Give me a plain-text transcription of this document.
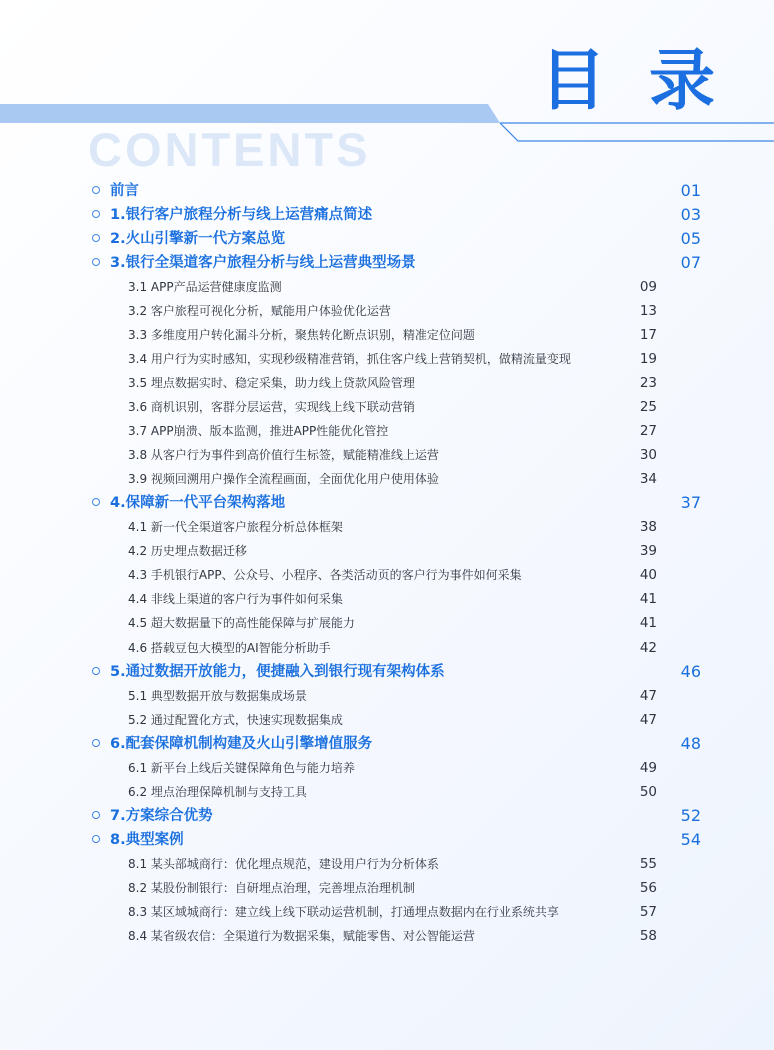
目 录
CONTENTS
前言	01
1.银行客户旅程分析与线上运营痛点简述	03
2.火山引擎新一代方案总览	05
3.银行全渠道客户旅程分析与线上运营典型场景	07
3.1 APP产品运营健康度监测	09
3.2 客户旅程可视化分析，赋能用户体验优化运营	13
3.3 多维度用户转化漏斗分析，聚焦转化断点识别，精准定位问题	17
3.4 用户行为实时感知，实现秒级精准营销，抓住客户线上营销契机，做精流量变现	19
3.5 埋点数据实时、稳定采集，助力线上贷款风险管理	23
3.6 商机识别，客群分层运营，实现线上线下联动营销	25
3.7 APP崩溃、版本监测，推进APP性能优化管控	27
3.8 从客户行为事件到高价值行生标签，赋能精准线上运营	30
3.9 视频回溯用户操作全流程画面，全面优化用户使用体验	34
4.保障新一代平台架构落地	37
4.1 新一代全渠道客户旅程分析总体框架	38
4.2 历史埋点数据迁移	39
4.3 手机银行APP、公众号、小程序、各类活动页的客户行为事件如何采集	40
4.4 非线上渠道的客户行为事件如何采集	41
4.5 超大数据量下的高性能保障与扩展能力	41
4.6 搭载豆包大模型的AI智能分析助手	42
5.通过数据开放能力，便捷融入到银行现有架构体系	46
5.1 典型数据开放与数据集成场景	47
5.2 通过配置化方式，快速实现数据集成	47
6.配套保障机制构建及火山引擎增值服务	48
6.1 新平台上线后关键保障角色与能力培养	49
6.2 埋点治理保障机制与支持工具	50
7.方案综合优势	52
8.典型案例	54
8.1 某头部城商行：优化埋点规范，建设用户行为分析体系	55
8.2 某股份制银行：自研埋点治理，完善埋点治理机制	56
8.3 某区域城商行：建立线上线下联动运营机制，打通埋点数据内在行业系统共享	57
8.4 某省级农信：全渠道行为数据采集，赋能零售、对公智能运营	58
